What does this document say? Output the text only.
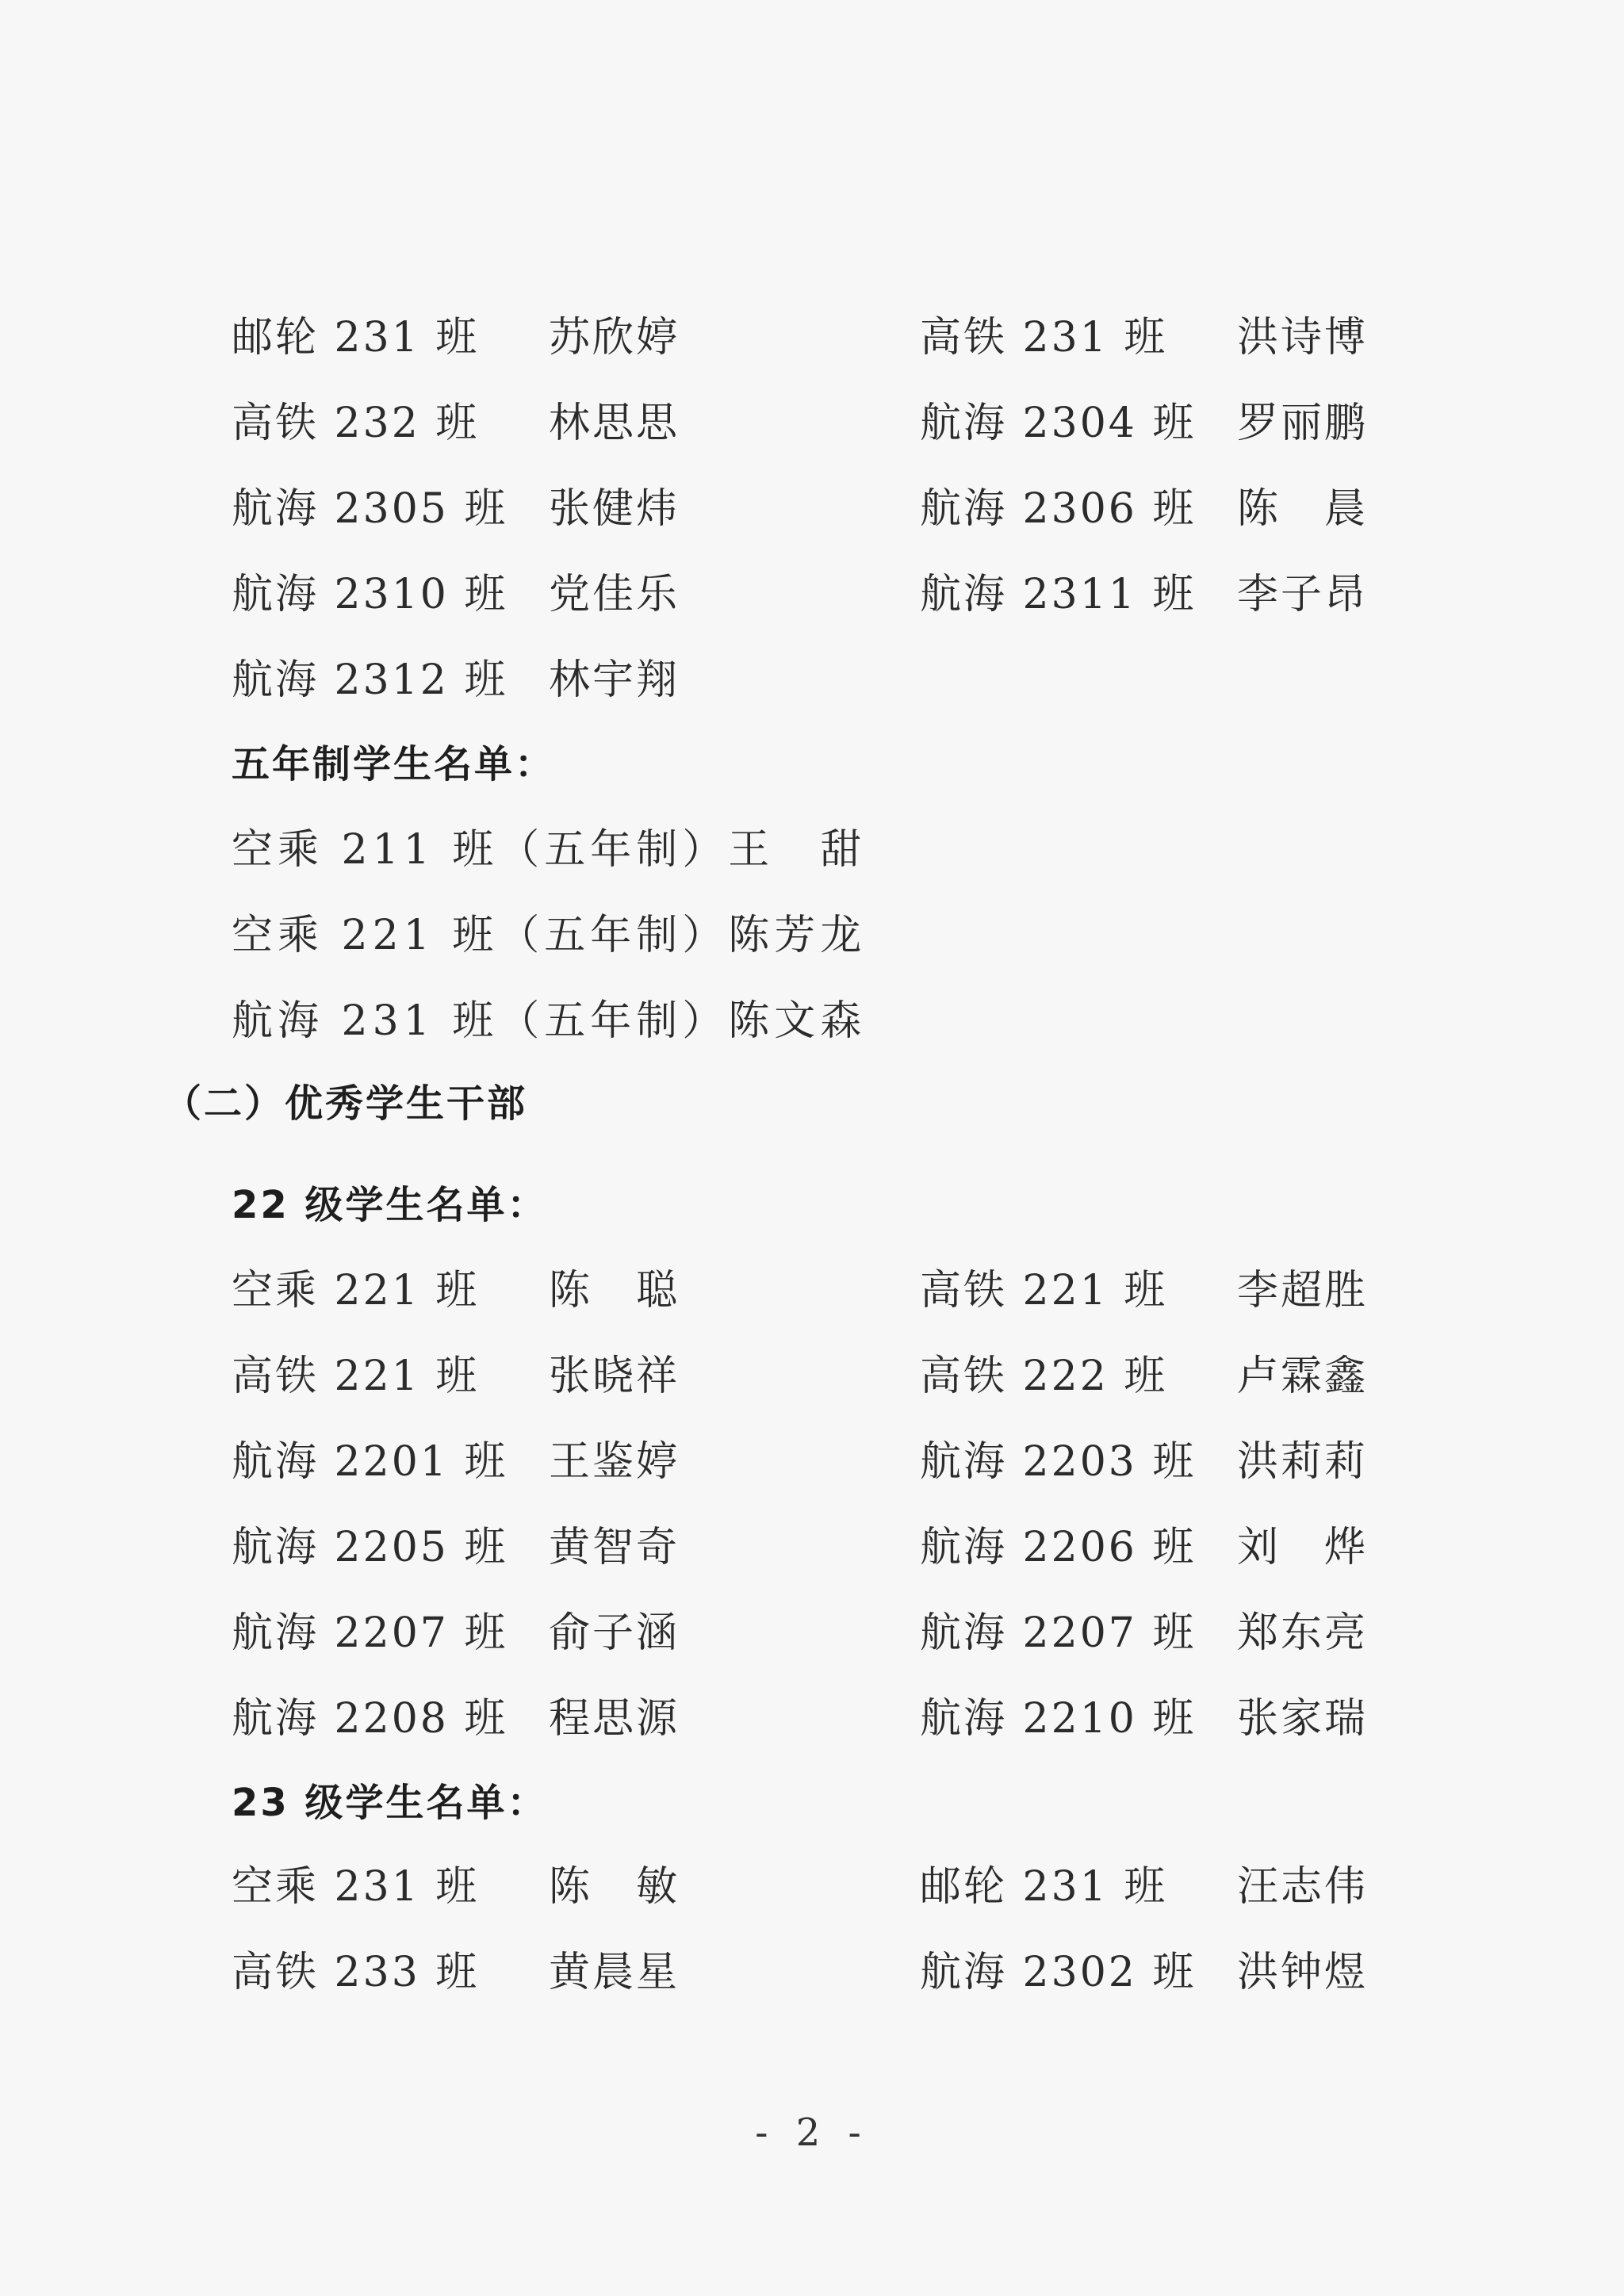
邮轮 231 班 苏欣婷	高铁 231 班 洪诗博
高铁 232 班 林思思	航海 2304 班 罗丽鹏
航海 2305 班 张健炜	航海 2306 班 陈　晨
航海 2310 班 党佳乐	航海 2311 班 李子昂
航海 2312 班 林宇翔
五年制学生名单：
空乘 211 班（五年制）王　甜
空乘 221 班（五年制）陈芳龙
航海 231 班（五年制）陈文森
（二）优秀学生干部
22 级学生名单：
空乘 221 班 陈　聪	高铁 221 班 李超胜
高铁 221 班 张晓祥	高铁 222 班 卢霖鑫
航海 2201 班 王鉴婷	航海 2203 班 洪莉莉
航海 2205 班 黄智奇	航海 2206 班 刘　烨
航海 2207 班 俞子涵	航海 2207 班 郑东亮
航海 2208 班 程思源	航海 2210 班 张家瑞
23 级学生名单：
空乘 231 班 陈　敏	邮轮 231 班 汪志伟
高铁 233 班 黄晨星	航海 2302 班 洪钟煜
- 2 -
